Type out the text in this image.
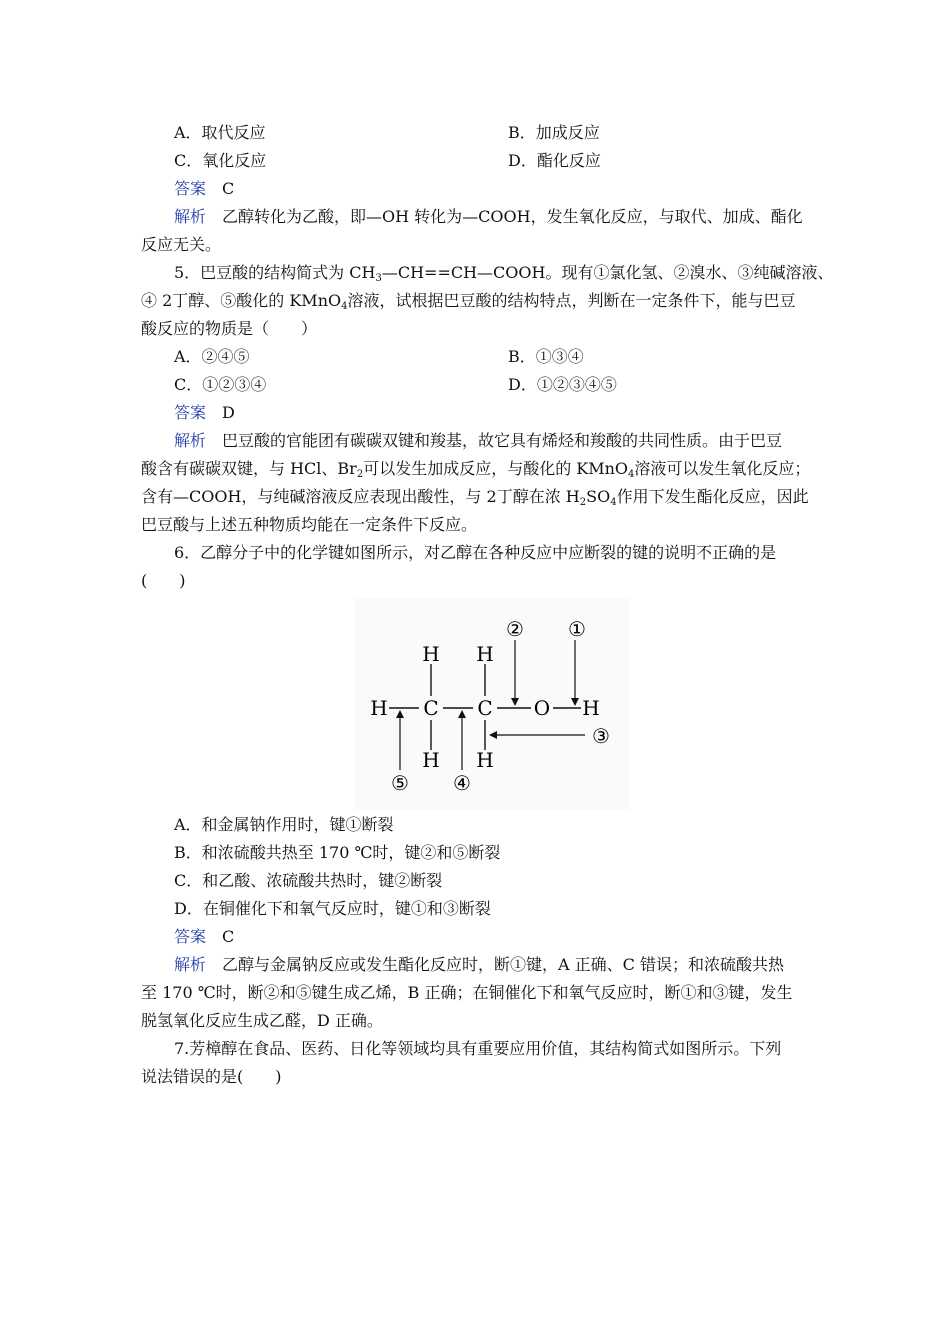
A．取代反应	B．加成反应
C．氧化反应	D．酯化反应
答案 C
解析 乙醇转化为乙酸，即—OH 转化为—COOH，发生氧化反应，与取代、加成、酯化
反应无关。
5．巴豆酸的结构简式为 $CH_3—CH==CH—COOH$。现有①氯化氢、②溴水、③纯碱溶液、
④ 2丁醇、⑤酸化的 KMnO$_4$溶液，试根据巴豆酸的结构特点，判断在一定条件下，能与巴豆
酸反应的物质是（　　）
A．②④⑤	B．①③④
C．①②③④	D．①②③④⑤
答案 D
解析 巴豆酸的官能团有碳碳双键和羧基，故它具有烯烃和羧酸的共同性质。由于巴豆
酸含有碳碳双键，与 HCl、$Br_2$可以发生加成反应，与酸化的 KMnO$_4$溶液可以发生氧化反应；
含有—COOH，与纯碱溶液反应表现出酸性，与 2丁醇在浓 $H_2SO_4$作用下发生酯化反应，因此
巴豆酸与上述五种物质均能在一定条件下反应。
6．乙醇分子中的化学键如图所示，对乙醇在各种反应中应断裂的键的说明不正确的是
(　　)
H C C O H
H
H
H
H
② ①
③
⑤ ④
A．和金属钠作用时，键①断裂
B．和浓硫酸共热至 170 ℃时，键②和⑤断裂
C．和乙酸、浓硫酸共热时，键②断裂
D．在铜催化下和氧气反应时，键①和③断裂
答案 C
解析 乙醇与金属钠反应或发生酯化反应时，断①键，A 正确、C 错误；和浓硫酸共热
至 170 ℃时，断②和⑤键生成乙烯，B 正确；在铜催化下和氧气反应时，断①和③键，发生
脱氢氧化反应生成乙醛，D 正确。
7.芳樟醇在食品、医药、日化等领域均具有重要应用价值，其结构简式如图所示。下列
说法错误的是(　　)
